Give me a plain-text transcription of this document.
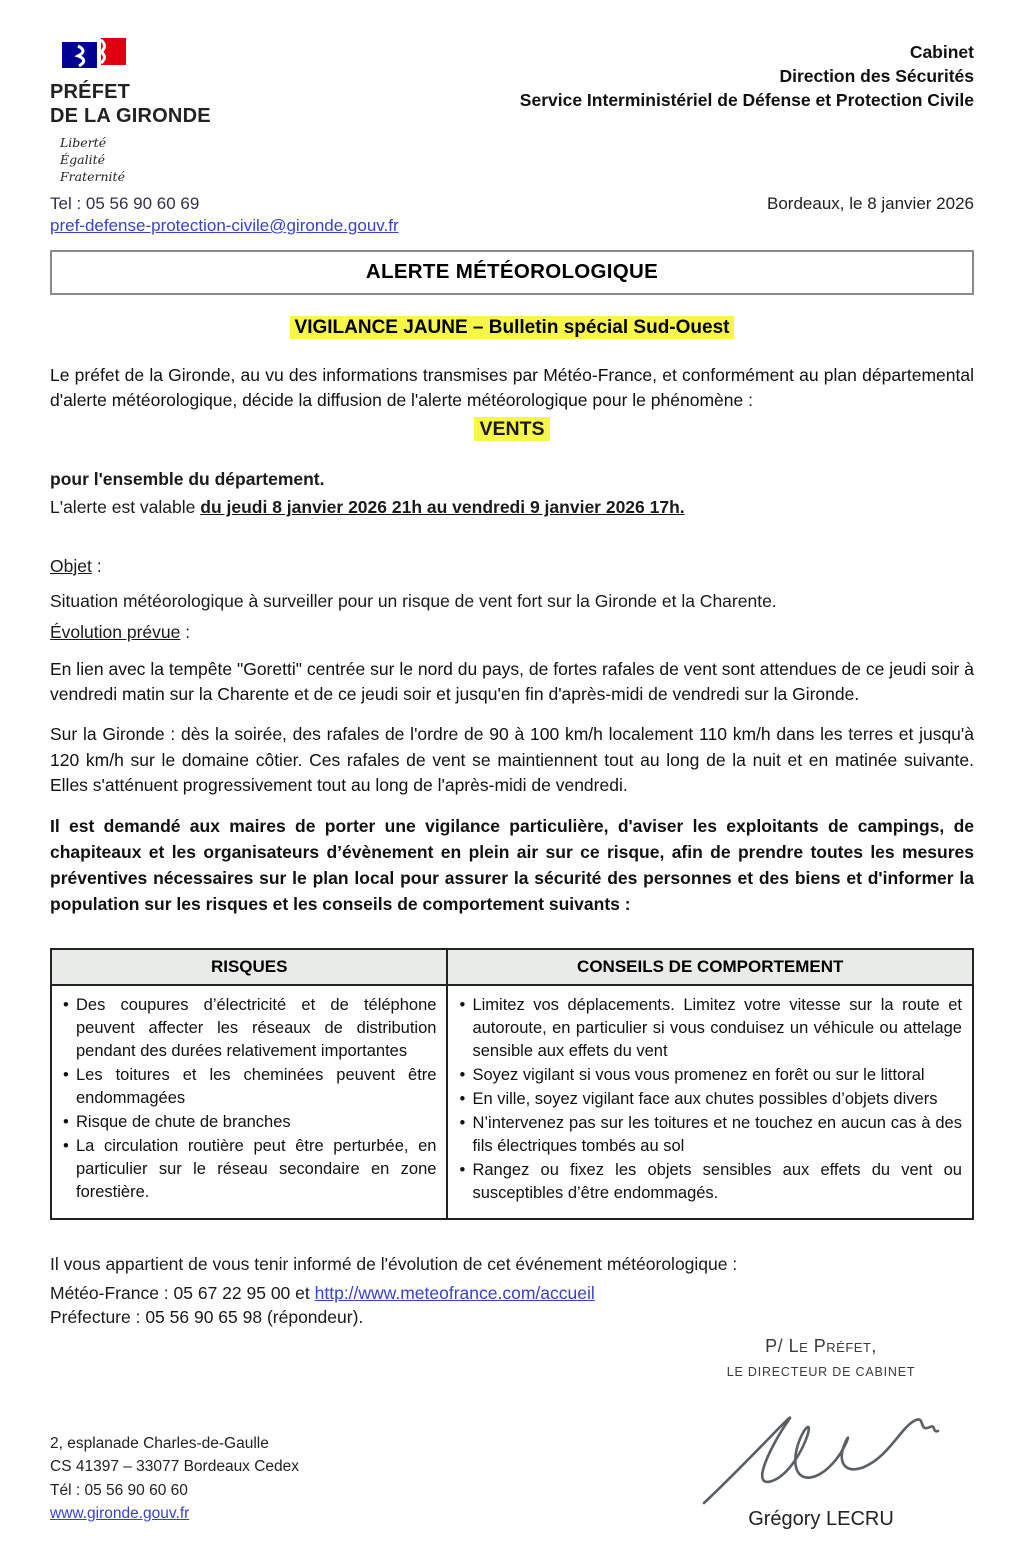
PRÉFET
DE LA GIRONDE
Liberté
Égalité
Fraternité
Cabinet
Direction des Sécurités
Service Interministériel de Défense et Protection Civile
Tel : 05 56 90 60 69	Bordeaux, le 8 janvier 2026
pref-defense-protection-civile@gironde.gouv.fr
ALERTE MÉTÉOROLOGIQUE
VIGILANCE JAUNE – Bulletin spécial Sud-Ouest

Le préfet de la Gironde, au vu des informations transmises par Météo-France, et conformément au plan départemental d'alerte météorologique, décide la diffusion de l'alerte météorologique pour le phénomène :

VENTS
pour l'ensemble du département.
L'alerte est valable du jeudi 8 janvier 2026 21h au vendredi 9 janvier 2026 17h.
Objet :
Situation météorologique à surveiller pour un risque de vent fort sur la Gironde et la Charente.
Évolution prévue :

En lien avec la tempête "Goretti" centrée sur le nord du pays, de fortes rafales de vent sont attendues de ce jeudi soir à vendredi matin sur la Charente et de ce jeudi soir et jusqu'en fin d'après-midi de vendredi sur la Gironde.

Sur la Gironde : dès la soirée, des rafales de l'ordre de 90 à 100 km/h localement 110 km/h dans les terres et jusqu'à 120 km/h sur le domaine côtier. Ces rafales de vent se maintiennent tout au long de la nuit et en matinée suivante. Elles s'atténuent progressivement tout au long de l'après-midi de vendredi.

Il est demandé aux maires de porter une vigilance particulière, d'aviser les exploitants de campings, de chapiteaux et les organisateurs d’évènement en plein air sur ce risque, afin de prendre toutes les mesures préventives nécessaires sur le plan local pour assurer la sécurité des personnes et des biens et d'informer la population sur les risques et les conseils de comportement suivants :

RISQUES	CONSEILS DE COMPORTEMENT

• Des coupures d’électricité et de téléphone peuvent affecter les réseaux de distribution pendant des durées relativement importantes
• Les toitures et les cheminées peuvent être endommagées
• Risque de chute de branches
• La circulation routière peut être perturbée, en particulier sur le réseau secondaire en zone forestière.

• Limitez vos déplacements. Limitez votre vitesse sur la route et autoroute, en particulier si vous conduisez un véhicule ou attelage sensible aux effets du vent
• Soyez vigilant si vous vous promenez en forêt ou sur le littoral
• En ville, soyez vigilant face aux chutes possibles d’objets divers
• N’intervenez pas sur les toitures et ne touchez en aucun cas à des fils électriques tombés au sol
• Rangez ou fixez les objets sensibles aux effets du vent ou susceptibles d’être endommagés.
Il vous appartient de vous tenir informé de l'évolution de cet événement météorologique :
Météo-France : 05 67 22 95 00 et http://www.meteofrance.com/accueil
Préfecture : 05 56 90 65 98 (répondeur).
P/ Le Préfet,
LE DIRECTEUR DE CABINET
Grégory LECRU
2, esplanade Charles-de-Gaulle
CS 41397 – 33077 Bordeaux Cedex
Tél : 05 56 90 60 60
www.gironde.gouv.fr
